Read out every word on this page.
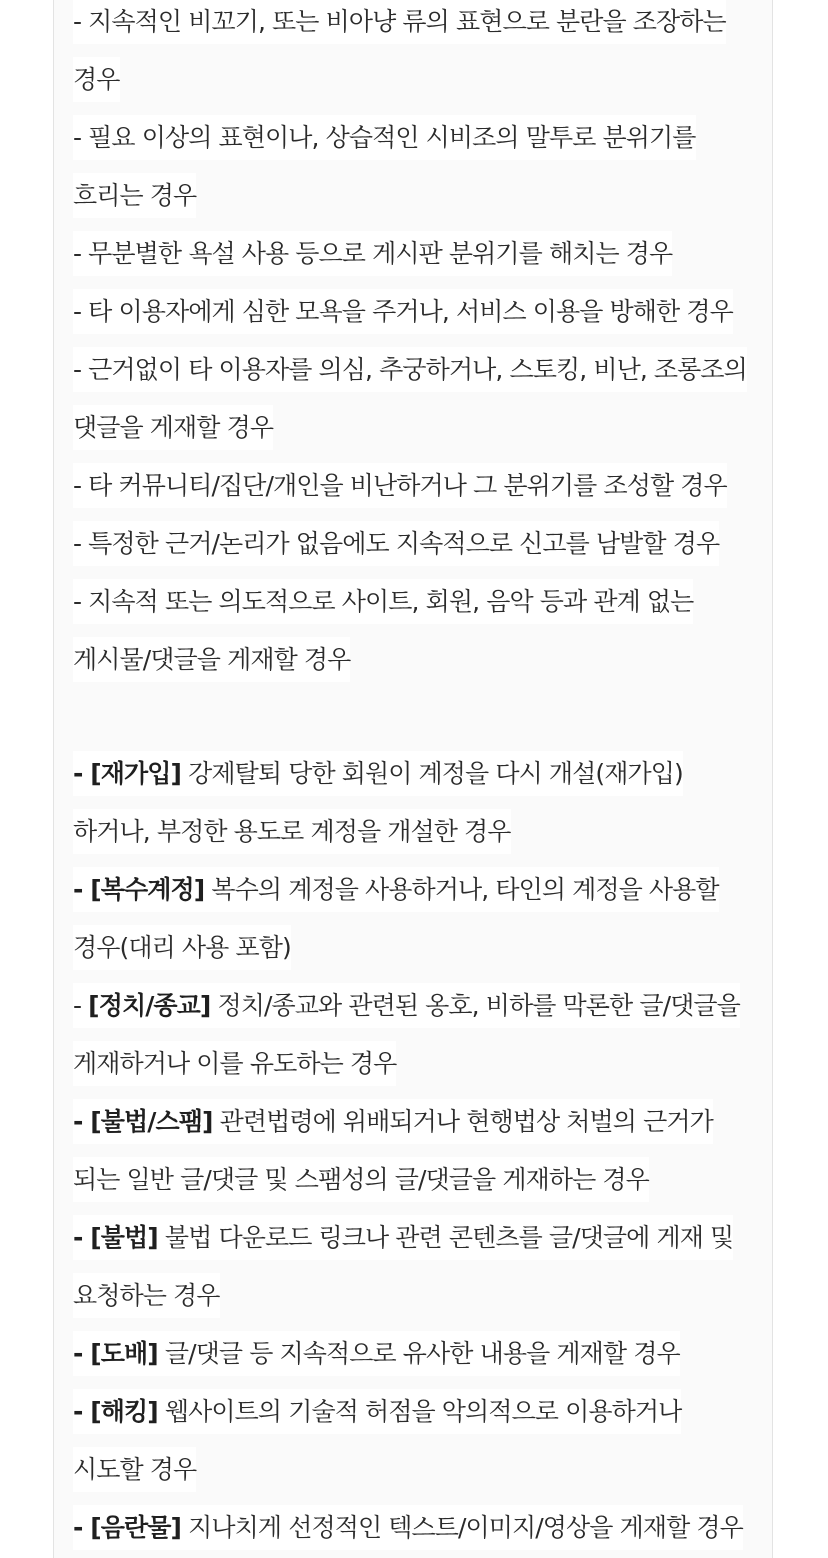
- 지속적인 비꼬기, 또는 비아냥 류의 표현으로 분란을 조장하는 경우

- 필요 이상의 표현이나, 상습적인 시비조의 말투로 분위기를 흐리는 경우

- 무분별한 욕설 사용 등으로 게시판 분위기를 해치는 경우

- 타 이용자에게 심한 모욕을 주거나, 서비스 이용을 방해한 경우

- 근거없이 타 이용자를 의심, 추궁하거나, 스토킹, 비난, 조롱조의 댓글을 게재할 경우

- 타 커뮤니티/집단/개인을 비난하거나 그 분위기를 조성할 경우

- 특정한 근거/논리가 없음에도 지속적으로 신고를 남발할 경우

- 지속적 또는 의도적으로 사이트, 회원, 음악 등과 관계 없는 게시물/댓글을 게재할 경우

- [재가입] 강제탈퇴 당한 회원이 계정을 다시 개설(재가입)하거나, 부정한 용도로 계정을 개설한 경우

- [복수계정] 복수의 계정을 사용하거나, 타인의 계정을 사용할 경우(대리 사용 포함)

- [정치/종교] 정치/종교와 관련된 옹호, 비하를 막론한 글/댓글을 게재하거나 이를 유도하는 경우

- [불법/스팸] 관련법령에 위배되거나 현행법상 처벌의 근거가 되는 일반 글/댓글 및 스팸성의 글/댓글을 게재하는 경우

- [불법] 불법 다운로드 링크나 관련 콘텐츠를 글/댓글에 게재 및 요청하는 경우

- [도배] 글/댓글 등 지속적으로 유사한 내용을 게재할 경우

- [해킹] 웹사이트의 기술적 허점을 악의적으로 이용하거나 시도할 경우

- [음란물] 지나치게 선정적인 텍스트/이미지/영상을 게재할 경우
